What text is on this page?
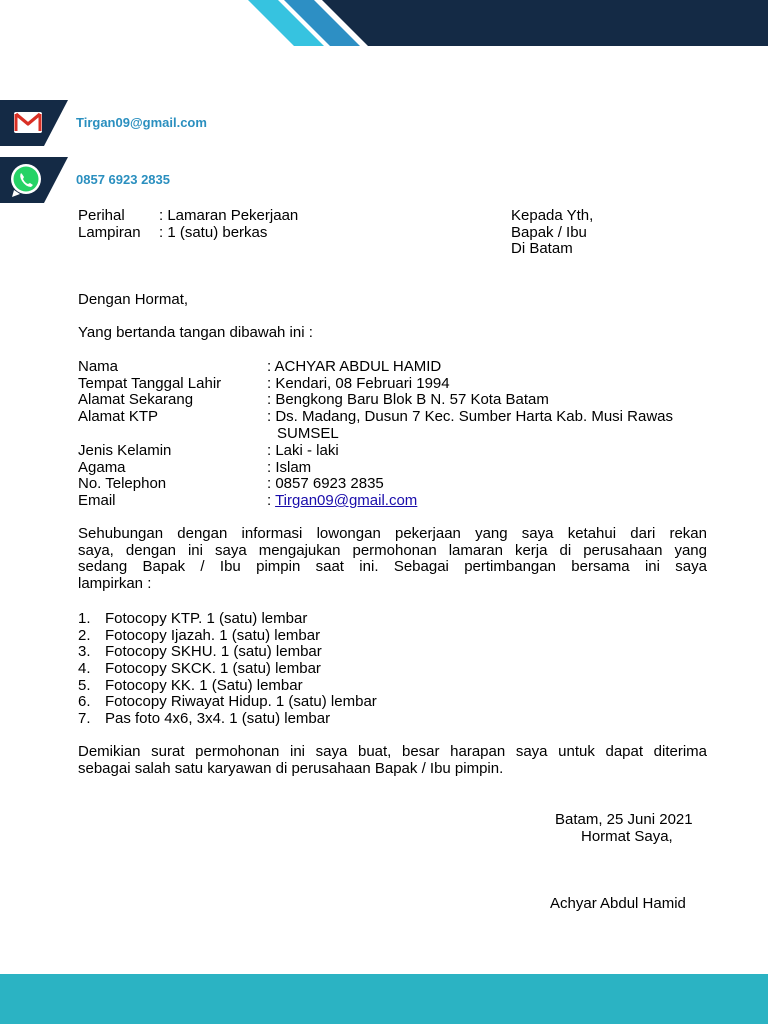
Tirgan09@gmail.com
0857 6923 2835
Perihal : Lamaran Pekerjaan
Lampiran : 1 (satu) berkas
Kepada Yth,
Bapak / Ibu
Di Batam
Dengan Hormat,
Yang bertanda tangan dibawah ini :
Nama	: ACHYAR ABDUL HAMID
Tempat Tanggal Lahir	: Kendari, 08 Februari 1994
Alamat Sekarang	: Bengkong Baru Blok B N. 57 Kota Batam
Alamat KTP	: Ds. Madang, Dusun 7 Kec. Sumber Harta Kab. Musi Rawas
SUMSEL
Jenis Kelamin	: Laki - laki
Agama	: Islam
No. Telephon	: 0857 6923 2835
Email	: Tirgan09@gmail.com
Sehubungan dengan informasi lowongan pekerjaan yang saya ketahui dari rekan
saya, dengan ini saya mengajukan permohonan lamaran kerja di perusahaan yang
sedang Bapak / Ibu pimpin saat ini. Sebagai pertimbangan bersama ini saya
lampirkan :
1. Fotocopy KTP. 1 (satu) lembar
2. Fotocopy Ijazah. 1 (satu) lembar
3. Fotocopy SKHU. 1 (satu) lembar
4. Fotocopy SKCK. 1 (satu) lembar
5. Fotocopy KK. 1 (Satu) lembar
6. Fotocopy Riwayat Hidup. 1 (satu) lembar
7. Pas foto 4x6, 3x4. 1 (satu) lembar
Demikian surat permohonan ini saya buat, besar harapan saya untuk dapat diterima
sebagai salah satu karyawan di perusahaan Bapak / Ibu pimpin.
Batam, 25 Juni 2021
Hormat Saya,
Achyar Abdul Hamid
